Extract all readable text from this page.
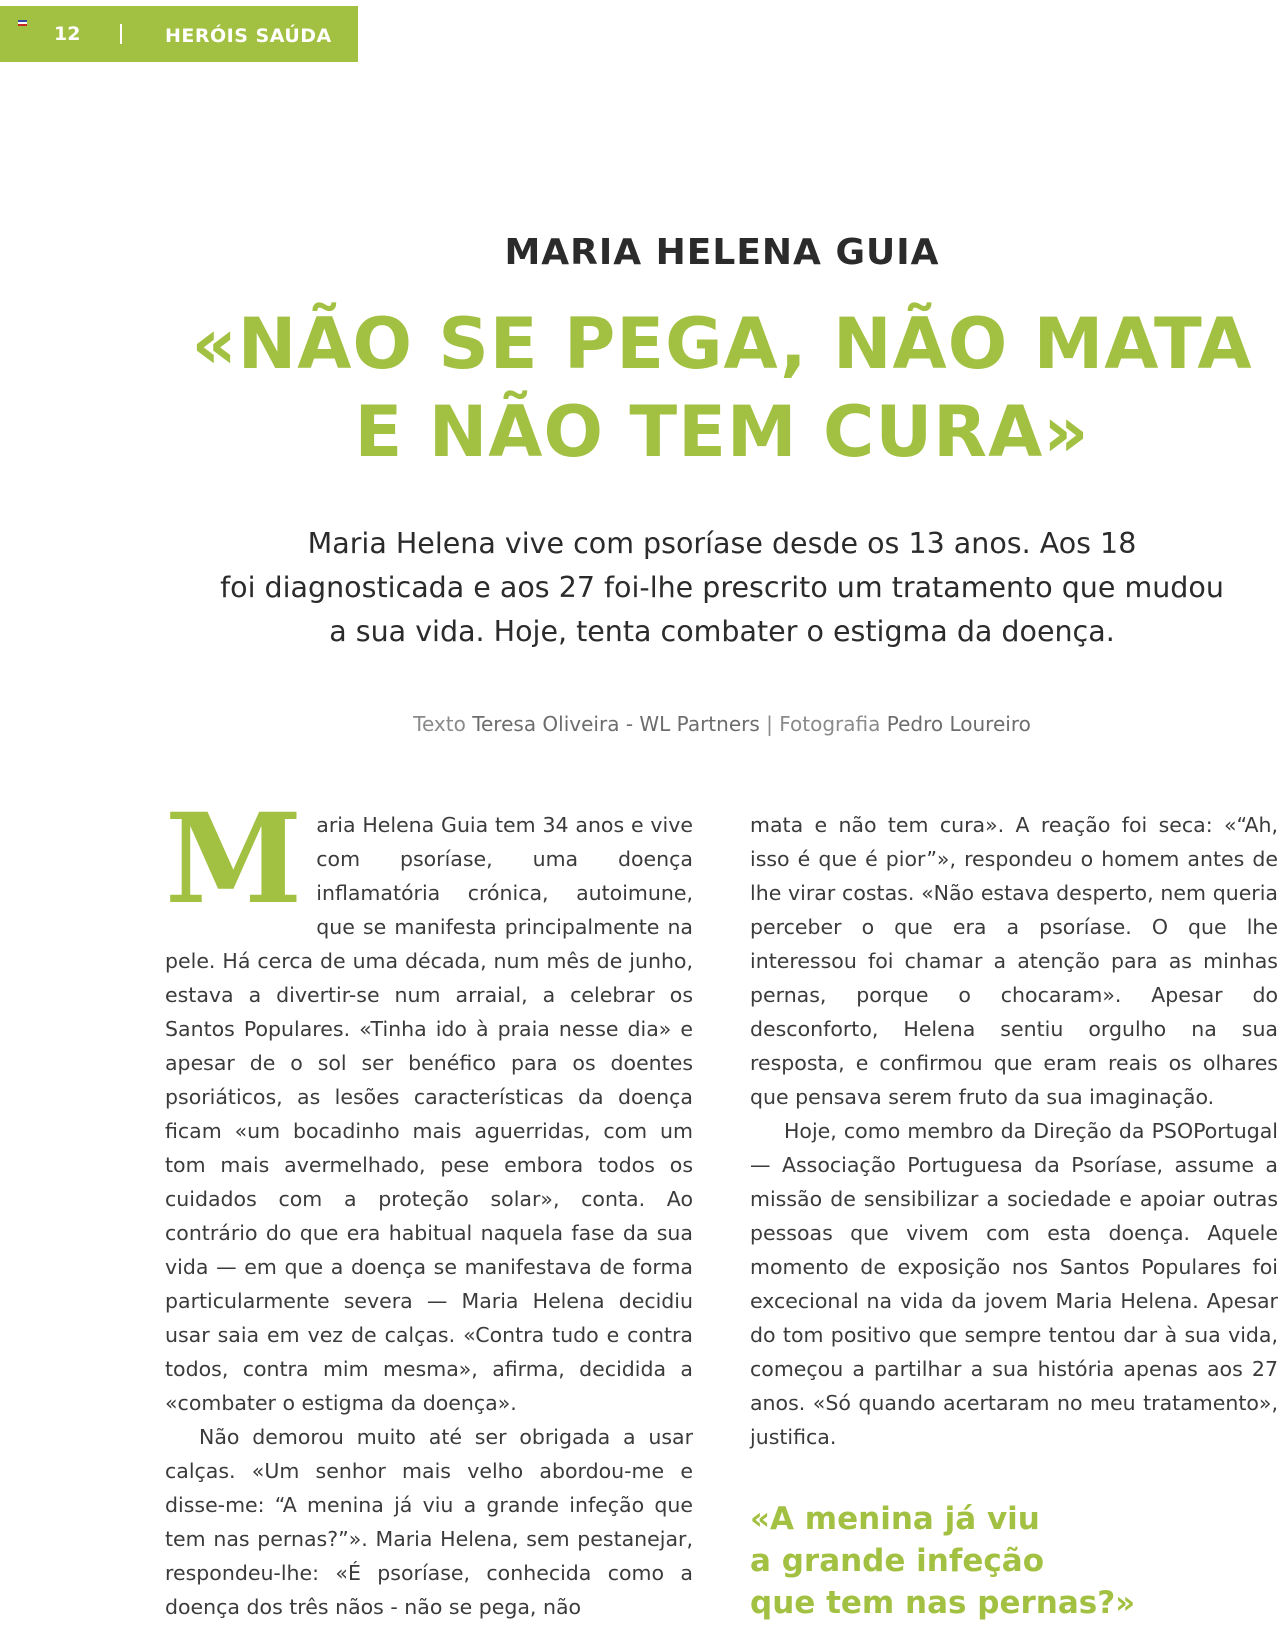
12	HERÓIS SAÚDA
MARIA HELENA GUIA
«NÃO SE PEGA, NÃO MATA
E NÃO TEM CURA»
Maria Helena vive com psoríase desde os 13 anos. Aos 18
foi diagnosticada e aos 27 foi-lhe prescrito um tratamento que mudou
a sua vida. Hoje, tenta combater o estigma da doença.
Texto Teresa Oliveira - WL Partners | Fotografia Pedro Loureiro

Maria Helena Guia tem 34 anos e vive com psoríase, uma doença inflamatória crónica, autoimune, que se manifesta principalmente na pele. Há cerca de uma década, num mês de junho, estava a divertir-se num arraial, a celebrar os Santos Populares. «Tinha ido à praia nesse dia» e apesar de o sol ser benéfico para os doentes psoriáticos, as lesões características da doença ficam «um bocadinho mais aguerridas, com um tom mais avermelhado, pese embora todos os cuidados com a proteção solar», conta. Ao contrário do que era habitual naquela fase da sua vida — em que a doença se manifestava de forma particularmente severa — Maria Helena decidiu usar saia em vez de calças. «Contra tudo e contra todos, contra mim mesma», afirma, decidida a «combater o estigma da doença».

Não demorou muito até ser obrigada a usar calças. «Um senhor mais velho abordou-me e disse-me: “A menina já viu a grande infeção que tem nas pernas?”». Maria Helena, sem pestanejar, respondeu-lhe: «É psoríase, conhecida como a doença dos três nãos - não se pega, não

mata e não tem cura». A reação foi seca: «“Ah, isso é que é pior”», respondeu o homem antes de lhe virar costas. «Não estava desperto, nem queria perceber o que era a psoríase. O que lhe interessou foi chamar a atenção para as minhas pernas, porque o chocaram». Apesar do desconforto, Helena sentiu orgulho na sua resposta, e confirmou que eram reais os olhares que pensava serem fruto da sua imaginação.

Hoje, como membro da Direção da PSOPortugal — Associação Portuguesa da Psoríase, assume a missão de sensibilizar a sociedade e apoiar outras pessoas que vivem com esta doença. Aquele momento de exposição nos Santos Populares foi excecional na vida da jovem Maria Helena. Apesar do tom positivo que sempre tentou dar à sua vida, começou a partilhar a sua história apenas aos 27 anos. «Só quando acertaram no meu tratamento», justifica.

«A menina já viu
a grande infeção
que tem nas pernas?»
